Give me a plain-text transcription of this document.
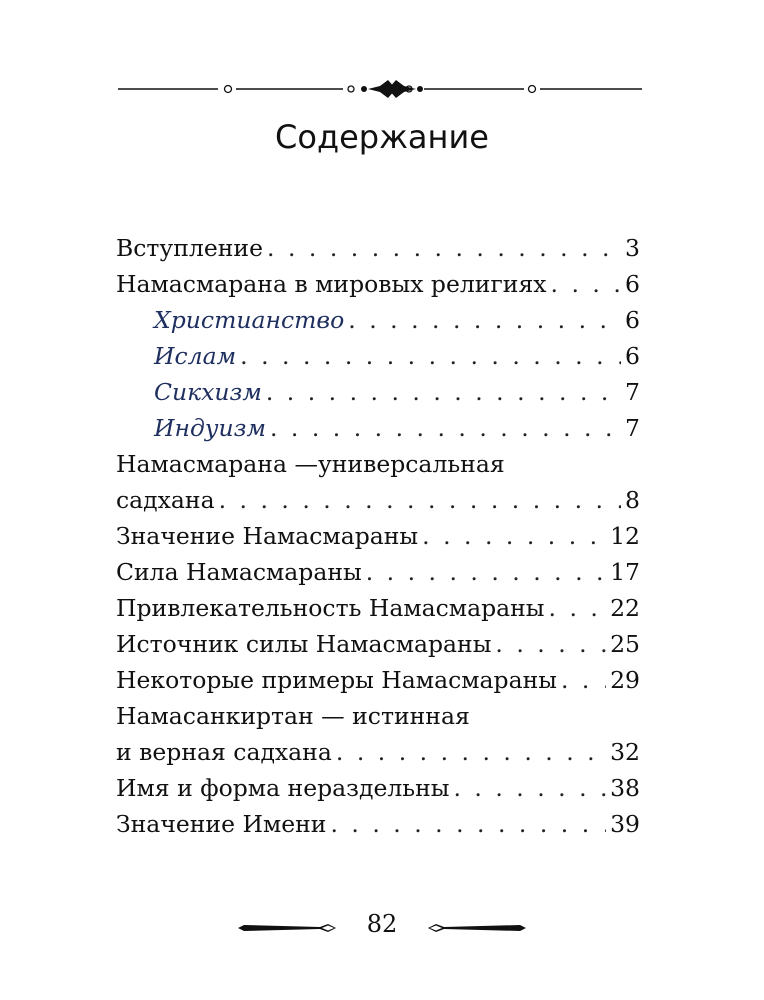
Содержание
Вступление . . .	3
Намасмарана в мировых религиях . . .	6
Христианство . . .	6
Ислам . . .	6
Сикхизм . . .	7
Индуизм . . .	7
Намасмарана —универсальная
садхана . . .	8
Значение Намасмараны . . .	12
Сила Намасмараны . . .	17
Привлекательность Намасмараны . . .	22
Источник силы Намасмараны . . .	25
Некоторые примеры Намасмараны . . . 29
Намасанкиртан — истинная
и верная садхана . . .	32
Имя и форма нераздельны . . .	38
Значение Имени . . .	39
82
